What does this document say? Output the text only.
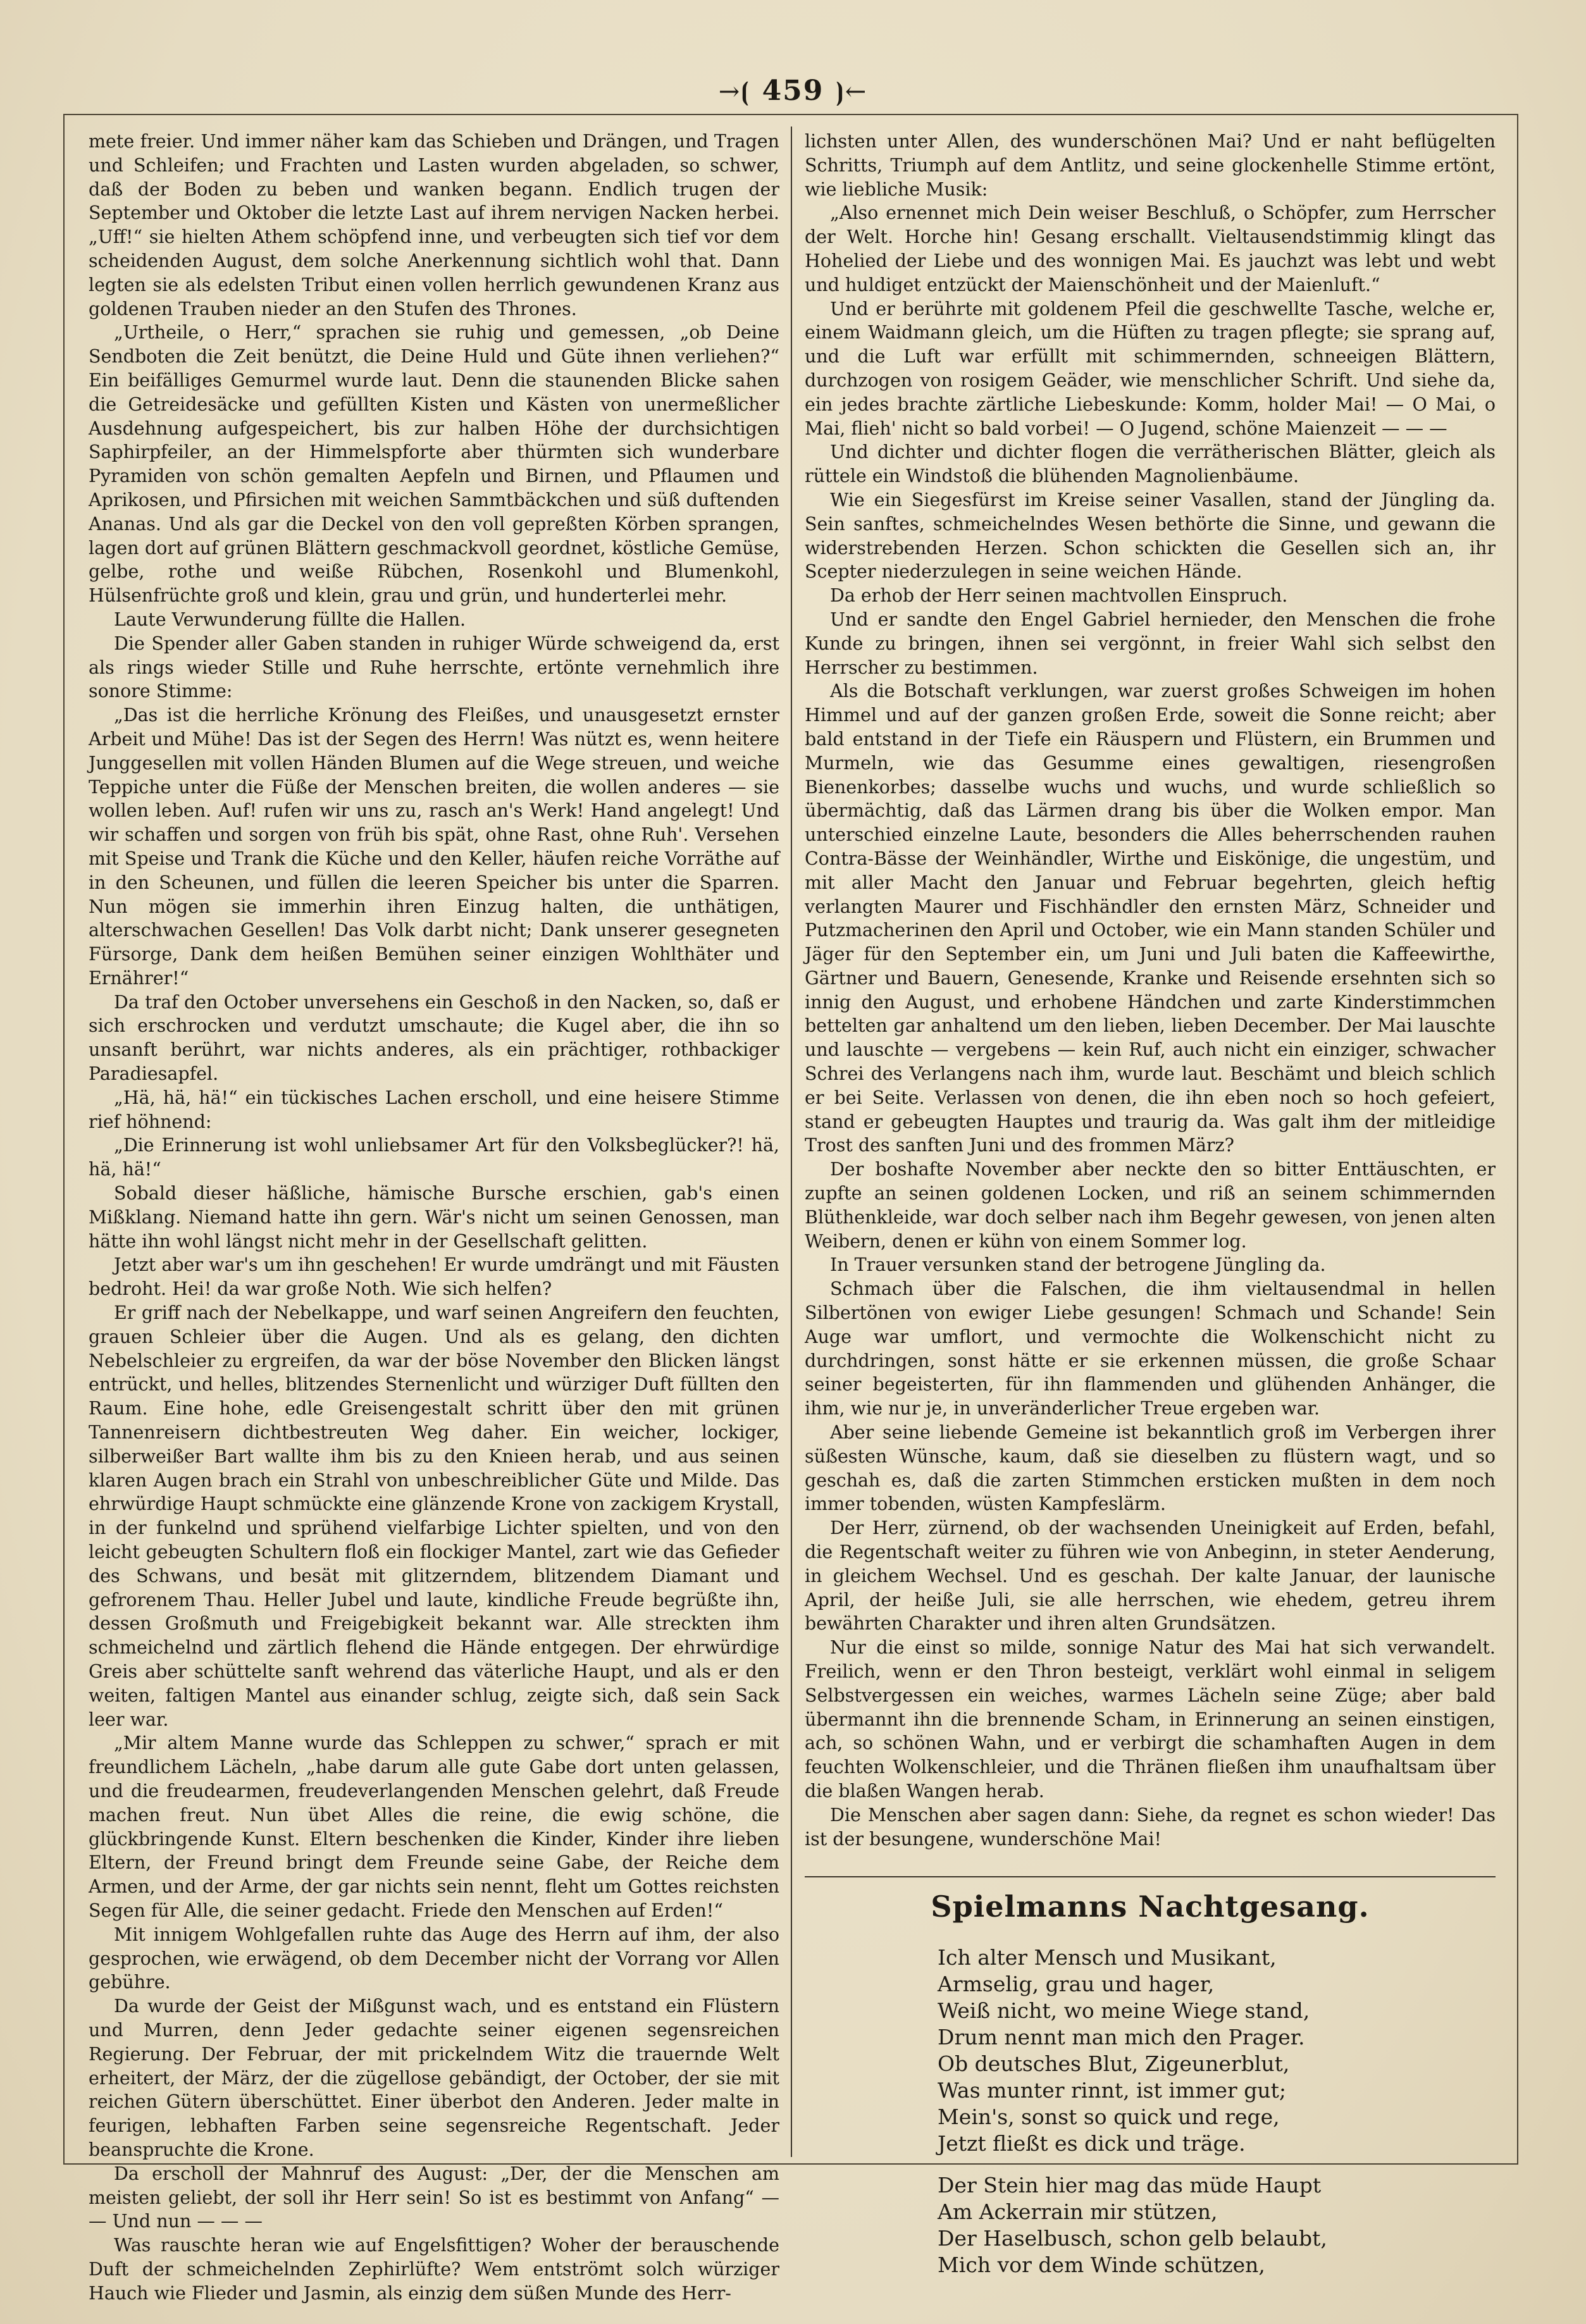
→⦗ 459 ⦘←

mete freier. Und immer näher kam das Schieben und Drängen, und Tragen und Schleifen; und Frachten und Lasten wurden abgeladen, so schwer, daß der Boden zu beben und wanken begann. Endlich trugen der September und Oktober die letzte Last auf ihrem nervigen Nacken herbei. „Uff!“ sie hielten Athem schöpfend inne, und verbeugten sich tief vor dem scheidenden August, dem solche Anerkennung sichtlich wohl that. Dann legten sie als edelsten Tribut einen vollen herrlich gewundenen Kranz aus goldenen Trauben nieder an den Stufen des Thrones.

„Urtheile, o Herr,“ sprachen sie ruhig und gemessen, „ob Deine Sendboten die Zeit benützt, die Deine Huld und Güte ihnen verliehen?“ Ein beifälliges Gemurmel wurde laut. Denn die staunenden Blicke sahen die Getreidesäcke und gefüllten Kisten und Kästen von unermeßlicher Ausdehnung aufgespeichert, bis zur halben Höhe der durchsichtigen Saphirpfeiler, an der Himmelspforte aber thürmten sich wunderbare Pyramiden von schön gemalten Aepfeln und Birnen, und Pflaumen und Aprikosen, und Pfirsichen mit weichen Sammtbäckchen und süß duftenden Ananas. Und als gar die Deckel von den voll gepreßten Körben sprangen, lagen dort auf grünen Blättern geschmackvoll geordnet, köstliche Gemüse, gelbe, rothe und weiße Rübchen, Rosenkohl und Blumenkohl, Hülsenfrüchte groß und klein, grau und grün, und hunderterlei mehr.

Laute Verwunderung füllte die Hallen.

Die Spender aller Gaben standen in ruhiger Würde schweigend da, erst als rings wieder Stille und Ruhe herrschte, ertönte vernehmlich ihre sonore Stimme:

„Das ist die herrliche Krönung des Fleißes, und unausgesetzt ernster Arbeit und Mühe! Das ist der Segen des Herrn! Was nützt es, wenn heitere Junggesellen mit vollen Händen Blumen auf die Wege streuen, und weiche Teppiche unter die Füße der Menschen breiten, die wollen anderes — sie wollen leben. Auf! rufen wir uns zu, rasch an's Werk! Hand angelegt! Und wir schaffen und sorgen von früh bis spät, ohne Rast, ohne Ruh'. Versehen mit Speise und Trank die Küche und den Keller, häufen reiche Vorräthe auf in den Scheunen, und füllen die leeren Speicher bis unter die Sparren. Nun mögen sie immerhin ihren Einzug halten, die unthätigen, alterschwachen Gesellen! Das Volk darbt nicht; Dank unserer gesegneten Fürsorge, Dank dem heißen Bemühen seiner einzigen Wohlthäter und Ernährer!“

Da traf den October unversehens ein Geschoß in den Nacken, so, daß er sich erschrocken und verdutzt umschaute; die Kugel aber, die ihn so unsanft berührt, war nichts anderes, als ein prächtiger, rothbackiger Paradiesapfel.

„Hä, hä, hä!“ ein tückisches Lachen erscholl, und eine heisere Stimme rief höhnend:

„Die Erinnerung ist wohl unliebsamer Art für den Volksbeglücker?! hä, hä, hä!“

Sobald dieser häßliche, hämische Bursche erschien, gab's einen Mißklang. Niemand hatte ihn gern. Wär's nicht um seinen Genossen, man hätte ihn wohl längst nicht mehr in der Gesellschaft gelitten.

Jetzt aber war's um ihn geschehen! Er wurde umdrängt und mit Fäusten bedroht. Hei! da war große Noth. Wie sich helfen?

Er griff nach der Nebelkappe, und warf seinen Angreifern den feuchten, grauen Schleier über die Augen. Und als es gelang, den dichten Nebelschleier zu ergreifen, da war der böse November den Blicken längst entrückt, und helles, blitzendes Sternenlicht und würziger Duft füllten den Raum. Eine hohe, edle Greisengestalt schritt über den mit grünen Tannenreisern dichtbestreuten Weg daher. Ein weicher, lockiger, silberweißer Bart wallte ihm bis zu den Knieen herab, und aus seinen klaren Augen brach ein Strahl von unbeschreiblicher Güte und Milde. Das ehrwürdige Haupt schmückte eine glänzende Krone von zackigem Krystall, in der funkelnd und sprühend vielfarbige Lichter spielten, und von den leicht gebeugten Schultern floß ein flockiger Mantel, zart wie das Gefieder des Schwans, und besät mit glitzerndem, blitzendem Diamant und gefrorenem Thau. Heller Jubel und laute, kindliche Freude begrüßte ihn, dessen Großmuth und Freigebigkeit bekannt war. Alle streckten ihm schmeichelnd und zärtlich flehend die Hände entgegen. Der ehrwürdige Greis aber schüttelte sanft wehrend das väterliche Haupt, und als er den weiten, faltigen Mantel aus einander schlug, zeigte sich, daß sein Sack leer war.

„Mir altem Manne wurde das Schleppen zu schwer,“ sprach er mit freundlichem Lächeln, „habe darum alle gute Gabe dort unten gelassen, und die freudearmen, freudeverlangenden Menschen gelehrt, daß Freude machen freut. Nun übet Alles die reine, die ewig schöne, die glückbringende Kunst. Eltern beschenken die Kinder, Kinder ihre lieben Eltern, der Freund bringt dem Freunde seine Gabe, der Reiche dem Armen, und der Arme, der gar nichts sein nennt, fleht um Gottes reichsten Segen für Alle, die seiner gedacht. Friede den Menschen auf Erden!“

Mit innigem Wohlgefallen ruhte das Auge des Herrn auf ihm, der also gesprochen, wie erwägend, ob dem December nicht der Vorrang vor Allen gebühre.

Da wurde der Geist der Mißgunst wach, und es entstand ein Flüstern und Murren, denn Jeder gedachte seiner eigenen segensreichen Regierung. Der Februar, der mit prickelndem Witz die trauernde Welt erheitert, der März, der die zügellose gebändigt, der October, der sie mit reichen Gütern überschüttet. Einer überbot den Anderen. Jeder malte in feurigen, lebhaften Farben seine segensreiche Regentschaft. Jeder beanspruchte die Krone.

Da erscholl der Mahnruf des August: „Der, der die Menschen am meisten geliebt, der soll ihr Herr sein! So ist es bestimmt von Anfang“ — — Und nun — — —

Was rauschte heran wie auf Engelsfittigen? Woher der berauschende Duft der schmeichelnden Zephirlüfte? Wem entströmt solch würziger Hauch wie Flieder und Jasmin, als einzig dem süßen Munde des Herr-

lichsten unter Allen, des wunderschönen Mai? Und er naht beflügelten Schritts, Triumph auf dem Antlitz, und seine glockenhelle Stimme ertönt, wie liebliche Musik:

„Also ernennet mich Dein weiser Beschluß, o Schöpfer, zum Herrscher der Welt. Horche hin! Gesang erschallt. Vieltausendstimmig klingt das Hohelied der Liebe und des wonnigen Mai. Es jauchzt was lebt und webt und huldiget entzückt der Maienschönheit und der Maienluft.“

Und er berührte mit goldenem Pfeil die geschwellte Tasche, welche er, einem Waidmann gleich, um die Hüften zu tragen pflegte; sie sprang auf, und die Luft war erfüllt mit schimmernden, schneeigen Blättern, durchzogen von rosigem Geäder, wie menschlicher Schrift. Und siehe da, ein jedes brachte zärtliche Liebeskunde: Komm, holder Mai! — O Mai, o Mai, flieh' nicht so bald vorbei! — O Jugend, schöne Maienzeit — — —

Und dichter und dichter flogen die verrätherischen Blätter, gleich als rüttele ein Windstoß die blühenden Magnolienbäume.

Wie ein Siegesfürst im Kreise seiner Vasallen, stand der Jüngling da. Sein sanftes, schmeichelndes Wesen bethörte die Sinne, und gewann die widerstrebenden Herzen. Schon schickten die Gesellen sich an, ihr Scepter niederzulegen in seine weichen Hände.

Da erhob der Herr seinen machtvollen Einspruch.

Und er sandte den Engel Gabriel hernieder, den Menschen die frohe Kunde zu bringen, ihnen sei vergönnt, in freier Wahl sich selbst den Herrscher zu bestimmen.

Als die Botschaft verklungen, war zuerst großes Schweigen im hohen Himmel und auf der ganzen großen Erde, soweit die Sonne reicht; aber bald entstand in der Tiefe ein Räuspern und Flüstern, ein Brummen und Murmeln, wie das Gesumme eines gewaltigen, riesengroßen Bienenkorbes; dasselbe wuchs und wuchs, und wurde schließlich so übermächtig, daß das Lärmen drang bis über die Wolken empor. Man unterschied einzelne Laute, besonders die Alles beherrschenden rauhen Contra-Bässe der Weinhändler, Wirthe und Eiskönige, die ungestüm, und mit aller Macht den Januar und Februar begehrten, gleich heftig verlangten Maurer und Fischhändler den ernsten März, Schneider und Putzmacherinen den April und October, wie ein Mann standen Schüler und Jäger für den September ein, um Juni und Juli baten die Kaffeewirthe, Gärtner und Bauern, Genesende, Kranke und Reisende ersehnten sich so innig den August, und erhobene Händchen und zarte Kinderstimmchen bettelten gar anhaltend um den lieben, lieben December. Der Mai lauschte und lauschte — vergebens — kein Ruf, auch nicht ein einziger, schwacher Schrei des Verlangens nach ihm, wurde laut. Beschämt und bleich schlich er bei Seite. Verlassen von denen, die ihn eben noch so hoch gefeiert, stand er gebeugten Hauptes und traurig da. Was galt ihm der mitleidige Trost des sanften Juni und des frommen März?

Der boshafte November aber neckte den so bitter Enttäuschten, er zupfte an seinen goldenen Locken, und riß an seinem schimmernden Blüthenkleide, war doch selber nach ihm Begehr gewesen, von jenen alten Weibern, denen er kühn von einem Sommer log.

In Trauer versunken stand der betrogene Jüngling da.

Schmach über die Falschen, die ihm vieltausendmal in hellen Silbertönen von ewiger Liebe gesungen! Schmach und Schande! Sein Auge war umflort, und vermochte die Wolkenschicht nicht zu durchdringen, sonst hätte er sie erkennen müssen, die große Schaar seiner begeisterten, für ihn flammenden und glühenden Anhänger, die ihm, wie nur je, in unveränderlicher Treue ergeben war.

Aber seine liebende Gemeine ist bekanntlich groß im Verbergen ihrer süßesten Wünsche, kaum, daß sie dieselben zu flüstern wagt, und so geschah es, daß die zarten Stimmchen ersticken mußten in dem noch immer tobenden, wüsten Kampfeslärm.

Der Herr, zürnend, ob der wachsenden Uneinigkeit auf Erden, befahl, die Regentschaft weiter zu führen wie von Anbeginn, in steter Aenderung, in gleichem Wechsel. Und es geschah. Der kalte Januar, der launische April, der heiße Juli, sie alle herrschen, wie ehedem, getreu ihrem bewährten Charakter und ihren alten Grundsätzen.

Nur die einst so milde, sonnige Natur des Mai hat sich verwandelt. Freilich, wenn er den Thron besteigt, verklärt wohl einmal in seligem Selbstvergessen ein weiches, warmes Lächeln seine Züge; aber bald übermannt ihn die brennende Scham, in Erinnerung an seinen einstigen, ach, so schönen Wahn, und er verbirgt die schamhaften Augen in dem feuchten Wolkenschleier, und die Thränen fließen ihm unaufhaltsam über die blaßen Wangen herab.

Die Menschen aber sagen dann: Siehe, da regnet es schon wieder! Das ist der besungene, wunderschöne Mai!

Spielmanns Nachtgesang.
Ich alter Mensch und Musikant,
Armselig, grau und hager,
Weiß nicht, wo meine Wiege stand,
Drum nennt man mich den Prager.
Ob deutsches Blut, Zigeunerblut,
Was munter rinnt, ist immer gut;
Mein's, sonst so quick und rege,
Jetzt fließt es dick und träge.
Der Stein hier mag das müde Haupt
Am Ackerrain mir stützen,
Der Haselbusch, schon gelb belaubt,
Mich vor dem Winde schützen,
